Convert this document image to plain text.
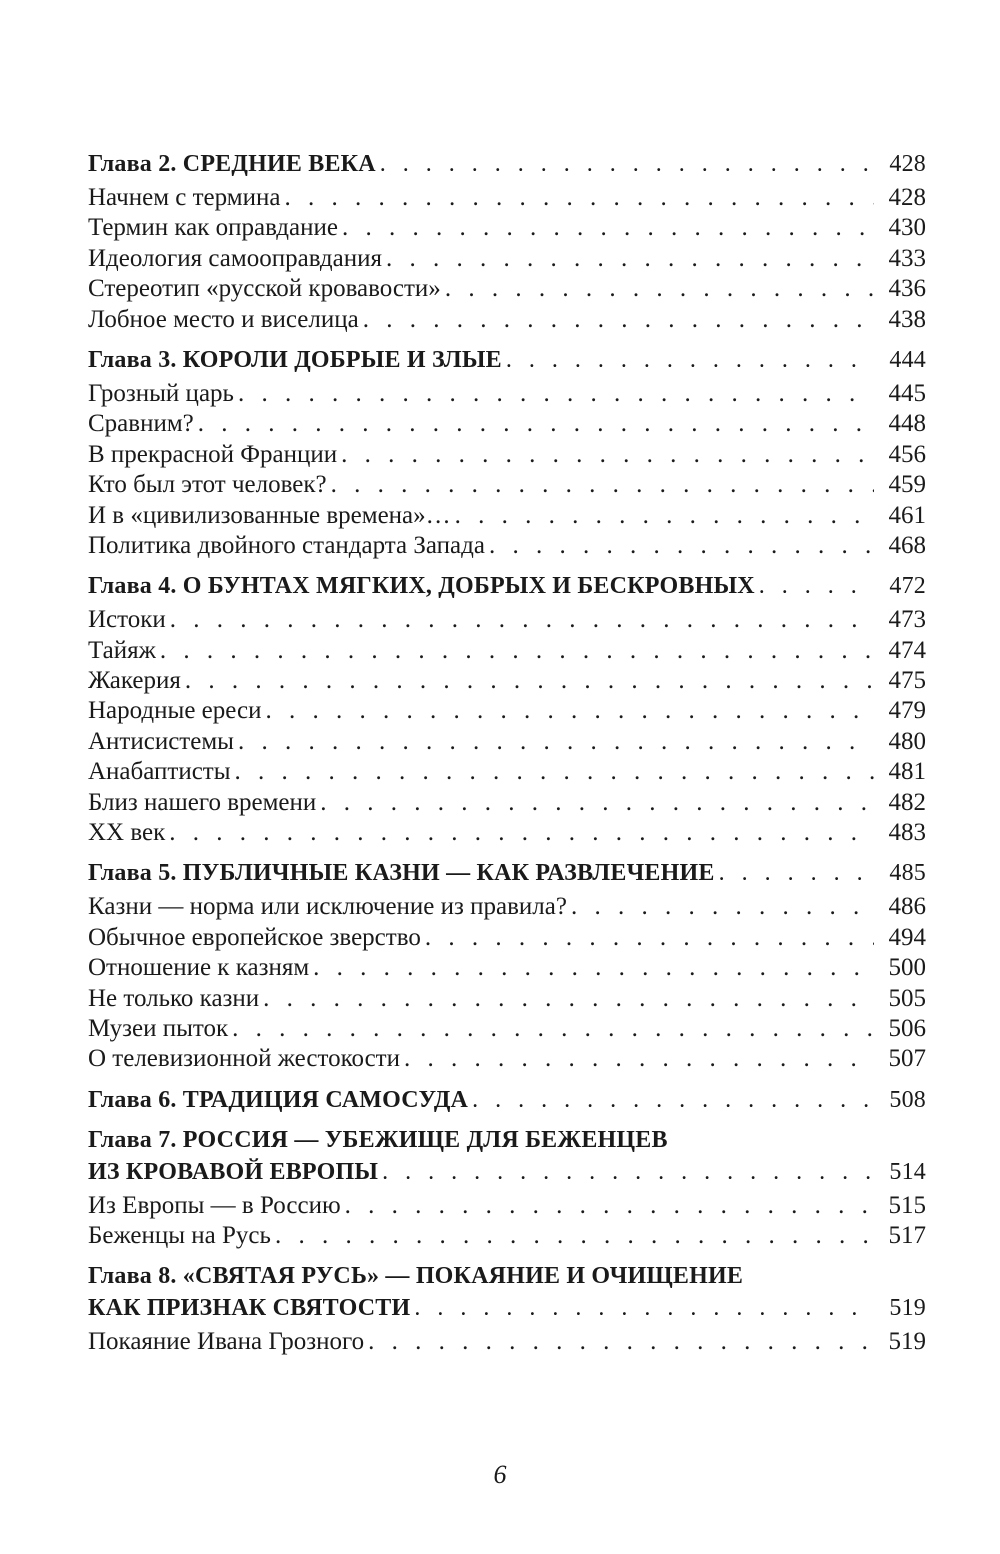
Глава 2. СРЕДНИЕ ВЕКА . . .	428
Начнем с термина . . .	428
Термин как оправдание . . .	430
Идеология самооправдания . . .	433
Стереотип «русской кровавости» . . .	436
Лобное место и виселица . . .	438
Глава 3. КОРОЛИ ДОБРЫЕ И ЗЛЫЕ . . .	444
Грозный царь . . .	445
Сравним? . . .	448
В прекрасной Франции . . .	456
Кто был этот человек? . . .	459
И в «цивилизованные времена»… . . .	461
Политика двойного стандарта Запада . . .	468
Глава 4. О БУНТАХ МЯГКИХ, ДОБРЫХ И БЕСКРОВНЫХ . . .	472
Истоки . . .	473
Тайяж . . .	474
Жакерия . . .	475
Народные ереси . . .	479
Антисистемы . . .	480
Анабаптисты . . .	481
Близ нашего времени . . .	482
XX век . . .	483
Глава 5. ПУБЛИЧНЫЕ КАЗНИ — КАК РАЗВЛЕЧЕНИЕ . . .	485
Казни — норма или исключение из правила? . . .	486
Обычное европейское зверство . . .	494
Отношение к казням . . .	500
Не только казни . . .	505
Музеи пыток . . .	506
О телевизионной жестокости . . .	507
Глава 6. ТРАДИЦИЯ САМОСУДА . . .	508
Глава 7. РОССИЯ — УБЕЖИЩЕ ДЛЯ БЕЖЕНЦЕВ
ИЗ КРОВАВОЙ ЕВРОПЫ . . .	514
Из Европы — в Россию . . .	515
Беженцы на Русь . . .	517
Глава 8. «СВЯТАЯ РУСЬ» — ПОКАЯНИЕ И ОЧИЩЕНИЕ
КАК ПРИЗНАК СВЯТОСТИ . . .	519
Покаяние Ивана Грозного . . .	519
6
